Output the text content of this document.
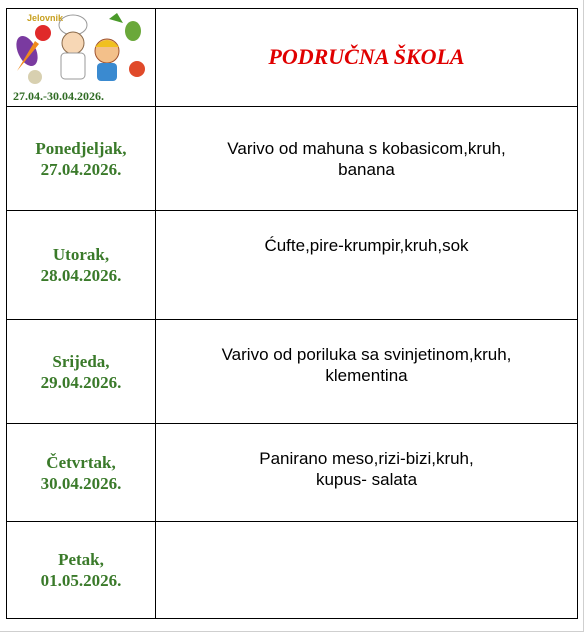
Jelovnik
27.04.-30.04.2026.	PODRUČNA ŠKOLA

Ponedjeljak,
27.04.2026.	Varivo od mahuna s kobasicom,kruh,
banana

Utorak,
28.04.2026.	Ćufte,pire-krumpir,kruh,sok

Srijeda,
29.04.2026.	Varivo od poriluka sa svinjetinom,kruh,
klementina

Četvrtak,
30.04.2026.	Panirano meso,rizi-bizi,kruh,
kupus- salata

Petak,
01.05.2026.	
